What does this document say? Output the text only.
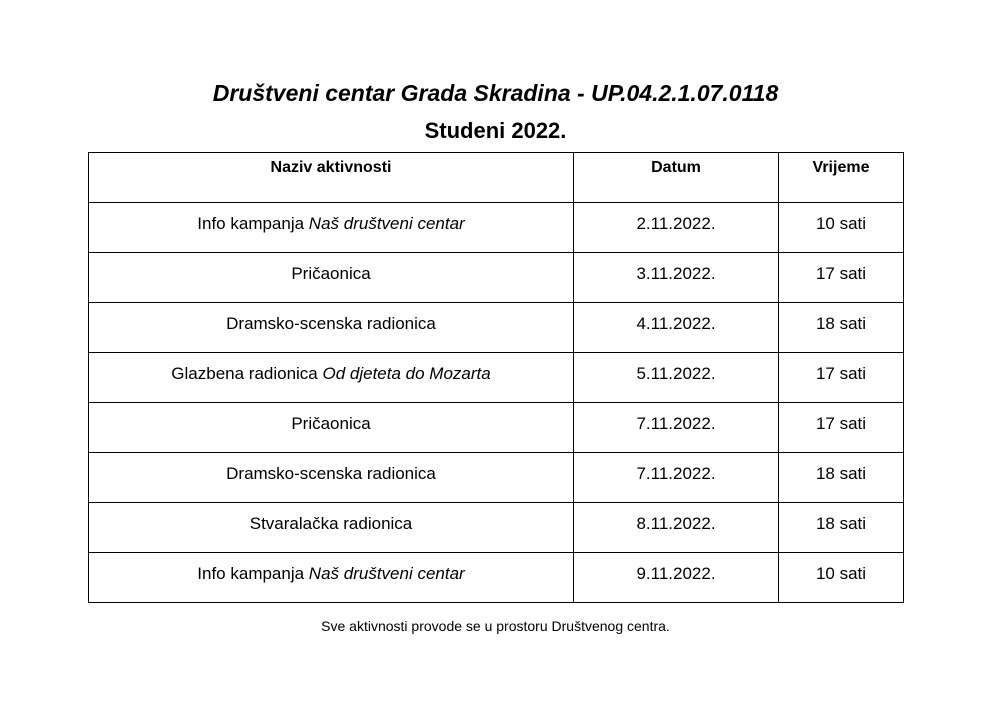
Društveni centar Grada Skradina - UP.04.2.1.07.0118
Studeni 2022.
Naziv aktivnosti	Datum	Vrijeme
Info kampanja Naš društveni centar	2.11.2022.	10 sati
Pričaonica	3.11.2022.	17 sati
Dramsko-scenska radionica	4.11.2022.	18 sati
Glazbena radionica Od djeteta do Mozarta	5.11.2022.	17 sati
Pričaonica	7.11.2022.	17 sati
Dramsko-scenska radionica	7.11.2022.	18 sati
Stvaralačka radionica	8.11.2022.	18 sati
Info kampanja Naš društveni centar	9.11.2022.	10 sati
Sve aktivnosti provode se u prostoru Društvenog centra.
